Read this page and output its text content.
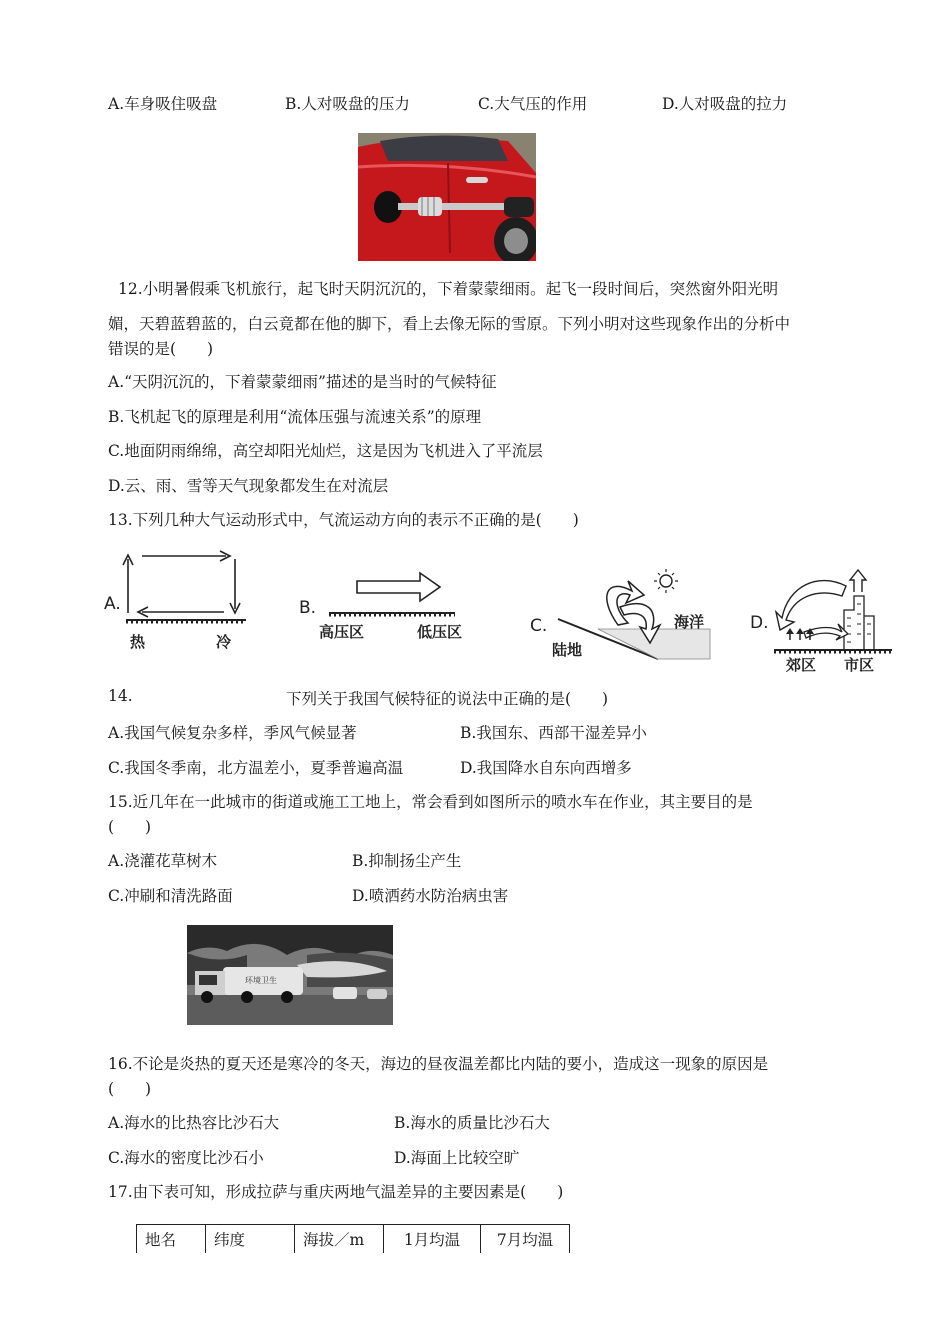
A.车身吸住吸盘	B.人对吸盘的压力	C.大气压的作用	D.人对吸盘的拉力
12.小明暑假乘飞机旅行，起飞时天阴沉沉的，下着蒙蒙细雨。起飞一段时间后，突然窗外阳光明
媚，天碧蓝碧蓝的，白云竟都在他的脚下，看上去像无际的雪原。下列小明对这些现象作出的分析中
错误的是(　　)
A.“天阴沉沉的，下着蒙蒙细雨”描述的是当时的气候特征
B.飞机起飞的原理是利用“流体压强与流速关系”的原理
C.地面阴雨绵绵，高空却阳光灿烂，这是因为飞机进入了平流层
D.云、雨、雪等天气现象都发生在对流层
13.下列几种大气运动形式中，气流运动方向的表示不正确的是(　　)
A.
热	冷
B.
高压区	低压区	C.	海洋
陆地
D.
郊区 市区
14.	下列关于我国气候特征的说法中正确的是(　　)
A.我国气候复杂多样，季风气候显著	B.我国东、西部干湿差异小
C.我国冬季南，北方温差小，夏季普遍高温	D.我国降水自东向西增多
15.近几年在一此城市的街道或施工工地上，常会看到如图所示的喷水车在作业，其主要目的是
(　　)
A.浇灌花草树木	B.抑制扬尘产生
C.冲刷和清洗路面	D.喷洒药水防治病虫害
环境卫生
16.不论是炎热的夏天还是寒冷的冬天，海边的昼夜温差都比内陆的要小，造成这一现象的原因是
(　　)
A.海水的比热容比沙石大	B.海水的质量比沙石大
C.海水的密度比沙石小	D.海面上比较空旷
17.由下表可知，形成拉萨与重庆两地气温差异的主要因素是(　　)
地名	纬度	海拔／m	1月均温	7月均温
